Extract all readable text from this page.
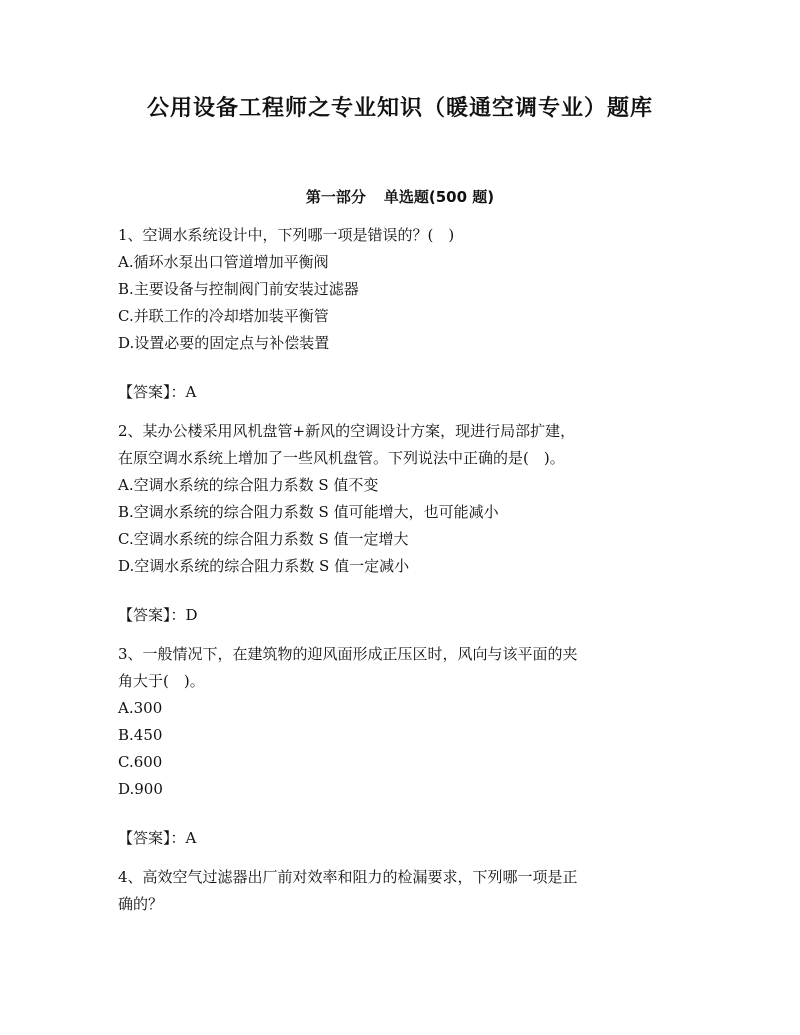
公用设备工程师之专业知识（暖通空调专业）题库
第一部分 单选题(500 题)

1、空调水系统设计中，下列哪一项是错误的？(　)

A.循环水泵出口管道增加平衡阀

B.主要设备与控制阀门前安装过滤器

C.并联工作的冷却塔加装平衡管

D.设置必要的固定点与补偿装置

【答案】：A

2、某办公楼采用风机盘管+新风的空调设计方案，现进行局部扩建，

在原空调水系统上增加了一些风机盘管。下列说法中正确的是(　)。

A.空调水系统的综合阻力系数 S 值不变

B.空调水系统的综合阻力系数 S 值可能增大，也可能减小

C.空调水系统的综合阻力系数 S 值一定增大

D.空调水系统的综合阻力系数 S 值一定减小

【答案】：D

3、一般情况下，在建筑物的迎风面形成正压区时，风向与该平面的夹

角大于(　)。

A.300

B.450

C.600

D.900

【答案】：A

4、高效空气过滤器出厂前对效率和阻力的检漏要求，下列哪一项是正

确的？
